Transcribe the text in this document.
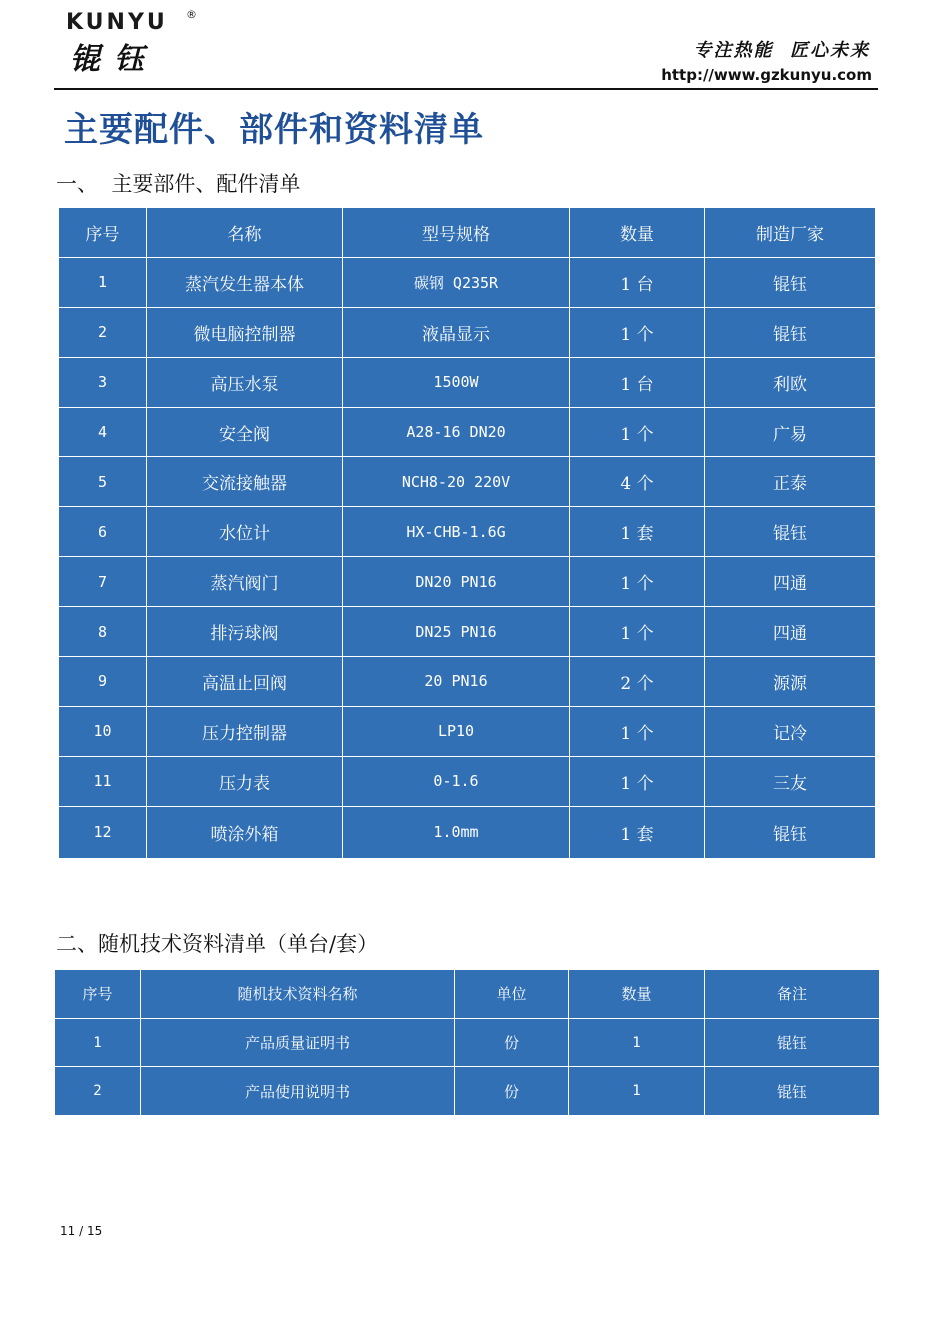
KUNYU ®
锟钰	专注热能  匠心未来
http://www.gzkunyu.com
主要配件、部件和资料清单
一、  主要部件、配件清单
序号	名称	型号规格	数量	制造厂家
1	蒸汽发生器本体	碳钢 Q235R	1 台	锟钰
2	微电脑控制器	液晶显示	1 个	锟钰
3	高压水泵	1500W	1 台	利欧
4	安全阀	A28-16 DN20	1 个	广易
5	交流接触器	NCH8-20 220V	4 个	正泰
6	水位计	HX-CHB-1.6G	1 套	锟钰
7	蒸汽阀门	DN20 PN16	1 个	四通
8	排污球阀	DN25 PN16	1 个	四通
9	高温止回阀	20 PN16	2 个	源源
10	压力控制器	LP10	1 个	记冷
11	压力表	0-1.6	1 个	三友
12	喷涂外箱	1.0mm	1 套	锟钰
二、随机技术资料清单（单台/套）
序号	随机技术资料名称	单位	数量	备注
1	产品质量证明书	份	1	锟钰
2	产品使用说明书	份	1	锟钰
11 / 15
